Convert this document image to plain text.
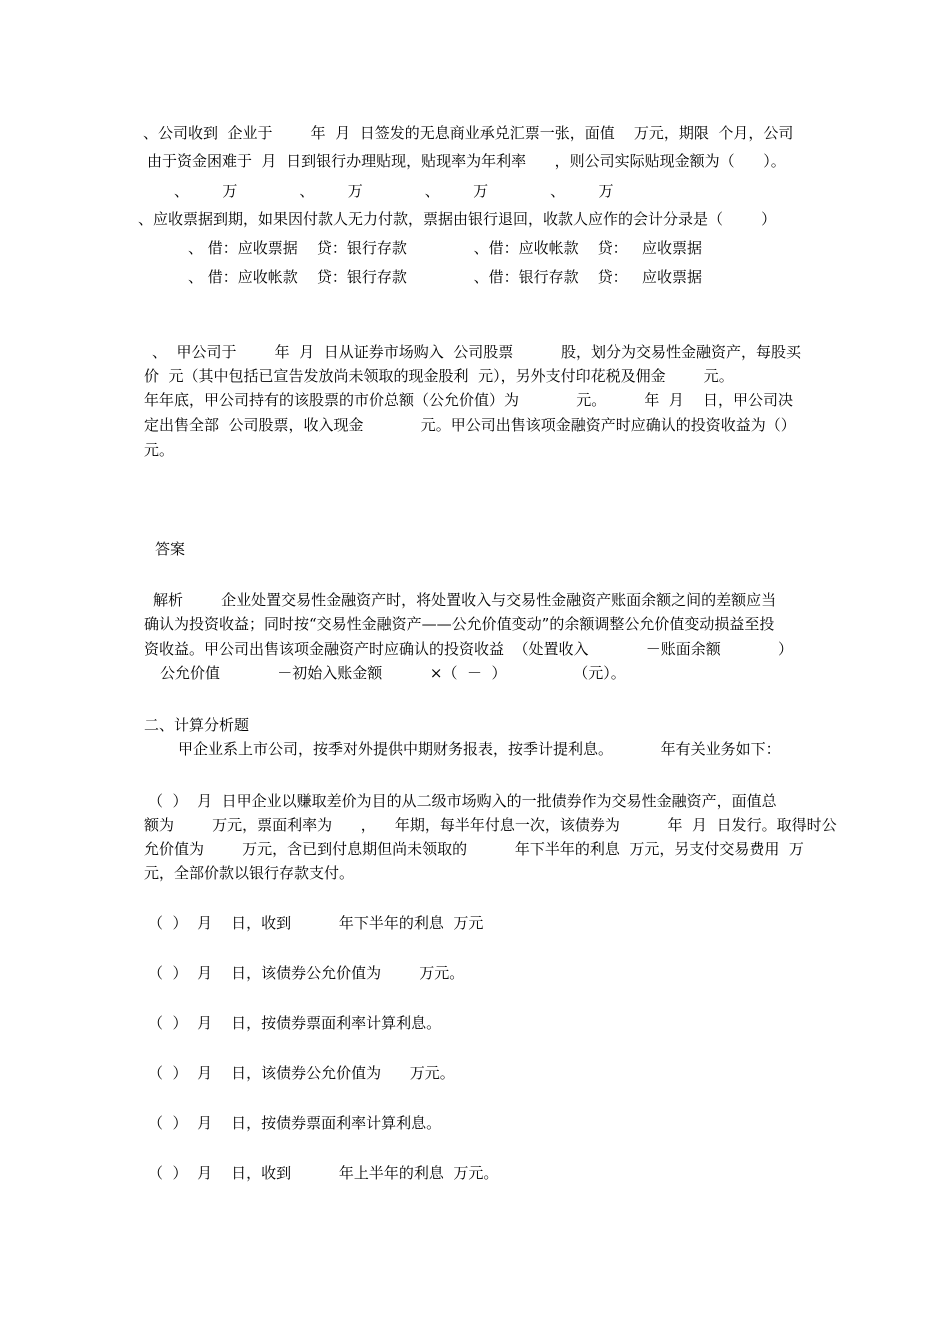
、公司收到  企业于        年  月  日签发的无息商业承兑汇票一张，面值    万元，期限  个月，公司
由于资金困难于  月  日到银行办理贴现，贴现率为年利率      ，则公司实际贴现金额为（      ）。
、       万             、       万             、       万             、       万
、应收票据到期，如果因付款人无力付款，票据由银行退回，收款人应作的会计分录是（        ）
、 借：应收票据    贷：银行存款              、借：应收帐款    贷：   应收票据
、 借：应收帐款    贷：银行存款              、借：银行存款    贷：   应收票据
、  甲公司于        年  月  日从证券市场购入  公司股票          股，划分为交易性金融资产，每股买
价  元（其中包括已宣告发放尚未领取的现金股利  元），另外支付印花税及佣金        元。
年年底，甲公司持有的该股票的市价总额（公允价值）为            元。        年  月    日，甲公司决
定出售全部  公司股票，收入现金            元。甲公司出售该项金融资产时应确认的投资收益为（）
元。
答案
解析        企业处置交易性金融资产时，将处置收入与交易性金融资产账面余额之间的差额应当
确认为投资收益；同时按“交易性金融资产——公允价值变动”的余额调整公允价值变动损益至投
资收益。甲公司出售该项金融资产时应确认的投资收益  （处置收入            －账面余额            ）
公允价值            －初始入账金额          ×（  －  ）              （元）。
二、计算分析题
甲企业系上市公司，按季对外提供中期财务报表，按季计提利息。          年有关业务如下：
（  ）  月  日甲企业以赚取差价为目的从二级市场购入的一批债券作为交易性金融资产，面值总
额为        万元，票面利率为      ，    年期，每半年付息一次，该债券为          年  月  日发行。取得时公
允价值为        万元，含已到付息期但尚未领取的          年下半年的利息  万元，另支付交易费用  万
元，全部价款以银行存款支付。
（  ）  月    日，收到          年下半年的利息  万元
（  ）  月    日，该债券公允价值为        万元。
（  ）  月    日，按债券票面利率计算利息。
（  ）  月    日，该债券公允价值为      万元。
（  ）  月    日，按债券票面利率计算利息。
（  ）  月    日，收到          年上半年的利息  万元。
